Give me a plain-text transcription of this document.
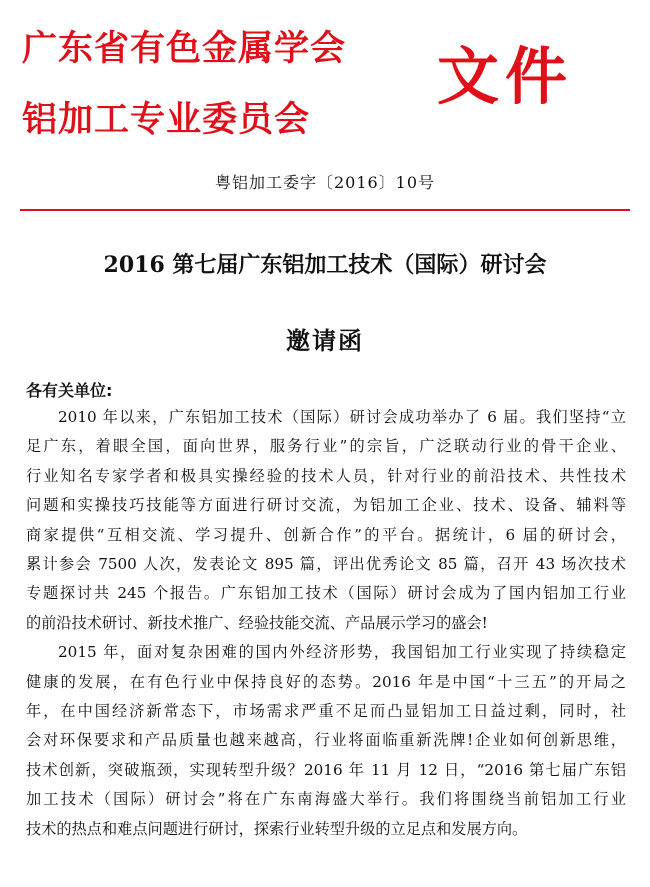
广东省有色金属学会
铝加工专业委员会
文件
粤铝加工委字〔2016〕10号
2016 第七届广东铝加工技术（国际）研讨会
邀请函
各有关单位:
2010 年以来，广东铝加工技术（国际）研讨会成功举办了 6 届。我们坚持“立
足广东，着眼全国，面向世界，服务行业”的宗旨，广泛联动行业的骨干企业、
行业知名专家学者和极具实操经验的技术人员，针对行业的前沿技术、共性技术
问题和实操技巧技能等方面进行研讨交流，为铝加工企业、技术、设备、辅料等
商家提供“互相交流、学习提升、创新合作”的平台。据统计，6 届的研讨会，
累计参会 7500 人次，发表论文 895 篇，评出优秀论文 85 篇，召开 43 场次技术
专题探讨共 245 个报告。广东铝加工技术（国际）研讨会成为了国内铝加工行业
的前沿技术研讨、新技术推广、经验技能交流、产品展示学习的盛会!
2015 年，面对复杂困难的国内外经济形势，我国铝加工行业实现了持续稳定
健康的发展，在有色行业中保持良好的态势。2016 年是中国“十三五”的开局之
年，在中国经济新常态下，市场需求严重不足而凸显铝加工日益过剩，同时，社
会对环保要求和产品质量也越来越高，行业将面临重新洗牌!企业如何创新思维，
技术创新，突破瓶颈，实现转型升级？2016 年 11 月 12 日，“2016 第七届广东铝
加工技术（国际）研讨会”将在广东南海盛大举行。我们将围绕当前铝加工行业
技术的热点和难点问题进行研讨，探索行业转型升级的立足点和发展方向。
